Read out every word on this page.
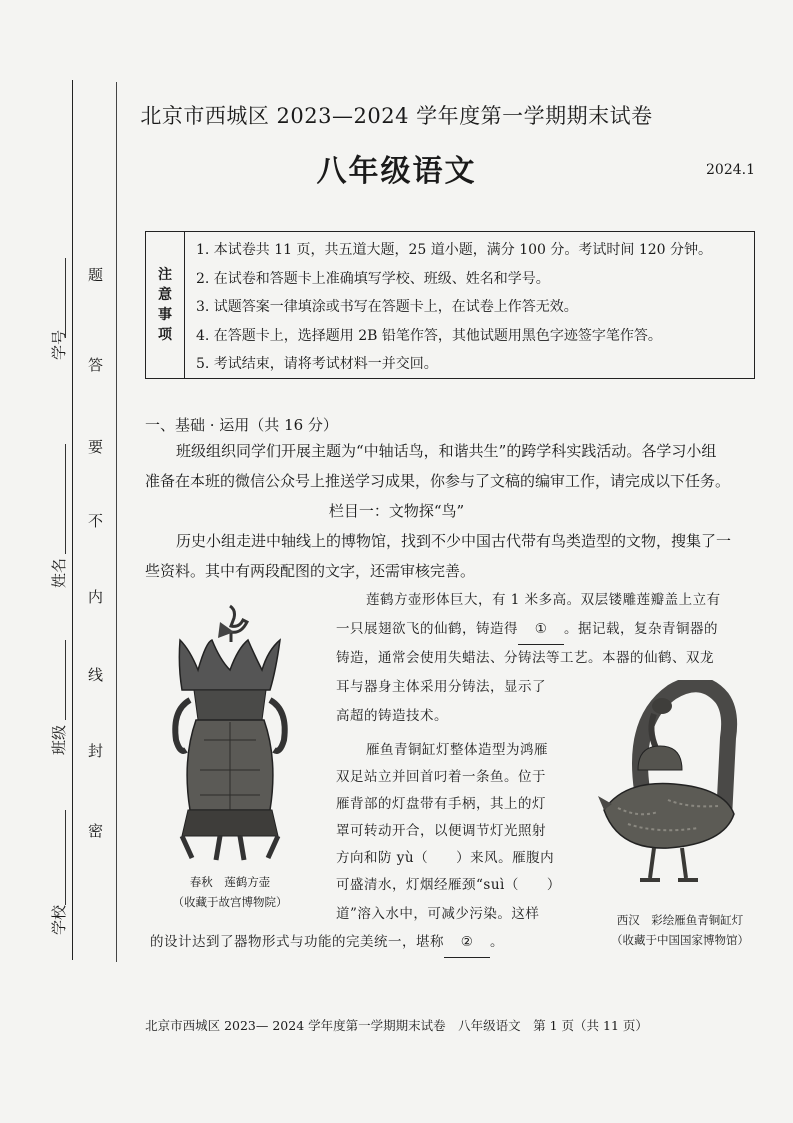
题
答
要
不
内
线
封
密
学号
姓名
班级
学校
北京市西城区 2023—2024 学年度第一学期期末试卷
八年级语文	2024.1
注
意
事
项
1. 本试卷共 11 页，共五道大题，25 道小题，满分 100 分。考试时间 120 分钟。
2. 在试卷和答题卡上准确填写学校、班级、姓名和学号。
3. 试题答案一律填涂或书写在答题卡上，在试卷上作答无效。
4. 在答题卡上，选择题用 2B 铅笔作答，其他试题用黑色字迹签字笔作答。
5. 考试结束，请将考试材料一并交回。
一、基础 · 运用（共 16 分）
班级组织同学们开展主题为“中轴话鸟，和谐共生”的跨学科实践活动。各学习小组
准备在本班的微信公众号上推送学习成果，你参与了文稿的编审工作，请完成以下任务。
栏目一：文物探“鸟”
历史小组走进中轴线上的博物馆，找到不少中国古代带有鸟类造型的文物，搜集了一
些资料。其中有两段配图的文字，还需审核完善。
莲鹤方壶形体巨大，有 1 米多高。双层镂雕莲瓣盖上立有
一只展翅欲飞的仙鹤，铸造得 ① 。据记载，复杂青铜器的
铸造，通常会使用失蜡法、分铸法等工艺。本器的仙鹤、双龙
耳与器身主体采用分铸法，显示了
高超的铸造技术。
雁鱼青铜缸灯整体造型为鸿雁
双足站立并回首叼着一条鱼。位于
雁背部的灯盘带有手柄，其上的灯
罩可转动开合，以便调节灯光照射
方向和防 yù（　　）来风。雁腹内
可盛清水，灯烟经雁颈“suì（　　）
道”溶入水中，可减少污染。这样
的设计达到了器物形式与功能的完美统一，堪称 ② 。
春秋　莲鹤方壶
（收藏于故宫博物院）
西汉　彩绘雁鱼青铜缸灯
（收藏于中国国家博物馆）
北京市西城区 2023— 2024 学年度第一学期期末试卷　八年级语文　第 1 页（共 11 页）
